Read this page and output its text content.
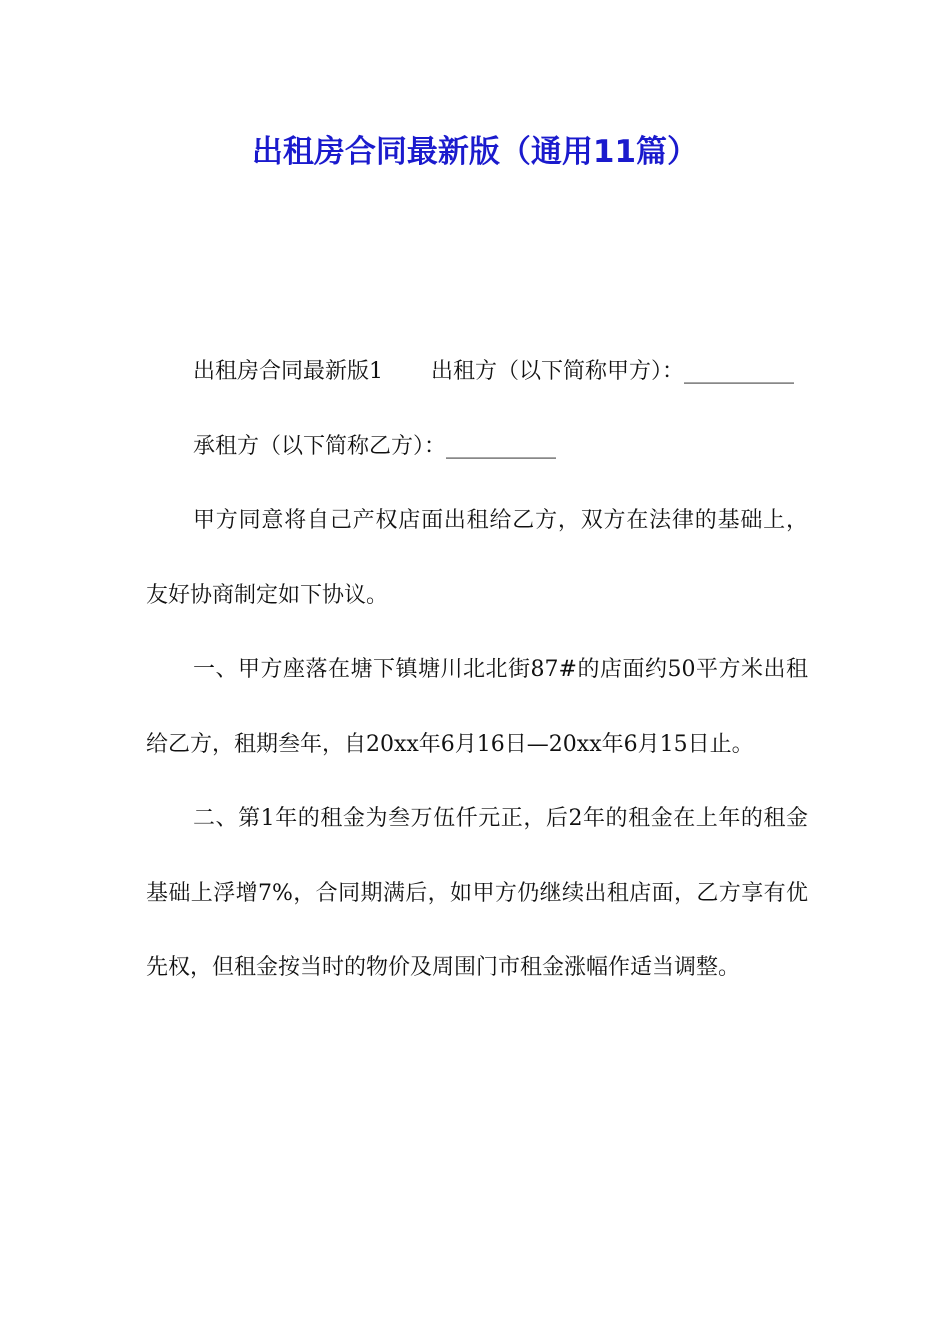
出租房合同最新版（通用11篇）

出租房合同最新版1 出租方（以下简称甲方）：__________

承租方（以下简称乙方）：__________

甲方同意将自己产权店面出租给乙方，双方在法律的基础上，友好协商制定如下协议。

一、甲方座落在塘下镇塘川北北街87#的店面约50平方米出租给乙方，租期叁年，自20xx年6月16日—20xx年6月15日止。

二、第1年的租金为叁万伍仟元正，后2年的租金在上年的租金基础上浮增7%，合同期满后，如甲方仍继续出租店面，乙方享有优先权，但租金按当时的物价及周围门市租金涨幅作适当调整。
